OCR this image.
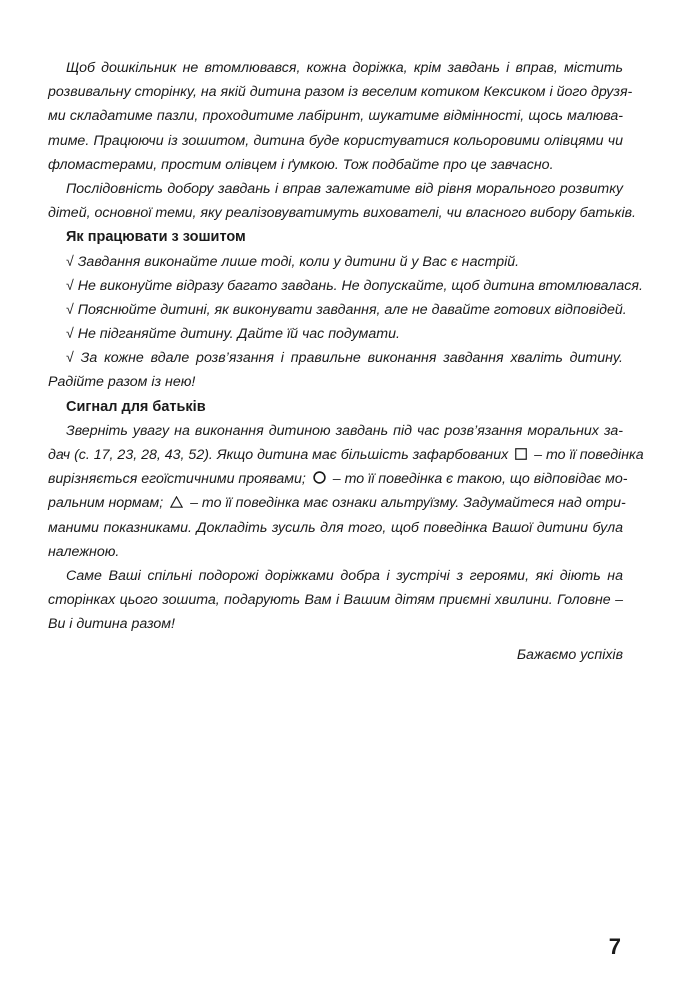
Щоб дошкільник не втомлювався, кожна доріжка, крім завдань і вправ, містить
розвивальну сторінку, на якій дитина разом із веселим котиком Кексиком і його друзя-
ми складатиме пазли, проходитиме лабіринт, шукатиме відмінності, щось малюва-
тиме. Працюючи із зошитом, дитина буде користуватися кольоровими олівцями чи
фломастерами, простим олівцем і ґумкою. Тож подбайте про це завчасно.
Послідовність добору завдань і вправ залежатиме від рівня морального розвитку
дітей, основної теми, яку реалізовуватимуть вихователі, чи власного вибору батьків.
Як працювати з зошитом
√ Завдання виконайте лише тоді, коли у дитини й у Вас є настрій.
√ Не виконуйте відразу багато завдань. Не допускайте, щоб дитина втомлювалася.
√ Пояснюйте дитині, як виконувати завдання, але не давайте готових відповідей.
√ Не підганяйте дитину. Дайте їй час подумати.
√ За кожне вдале розв’язання і правильне виконання завдання хваліть дитину.
Радійте разом із нею!
Сигнал для батьків
Зверніть увагу на виконання дитиною завдань під час розв’язання моральних за-
дач (с. 17, 23, 28, 43, 52). Якщо дитина має більшість зафарбованих – то її поведінка
вирізняється егоїстичними проявами; – то її поведінка є такою, що відповідає мо-
ральним нормам; – то її поведінка має ознаки альтруїзму. Задумайтеся над отри-
маними показниками. Докладіть зусиль для того, щоб поведінка Вашої дитини була
належною.
Саме Ваші спільні подорожі доріжками добра і зустрічі з героями, які діють на
сторінках цього зошита, подарують Вам і Вашим дітям приємні хвилини. Головне –
Ви і дитина разом!
Бажаємо успіхів
7
